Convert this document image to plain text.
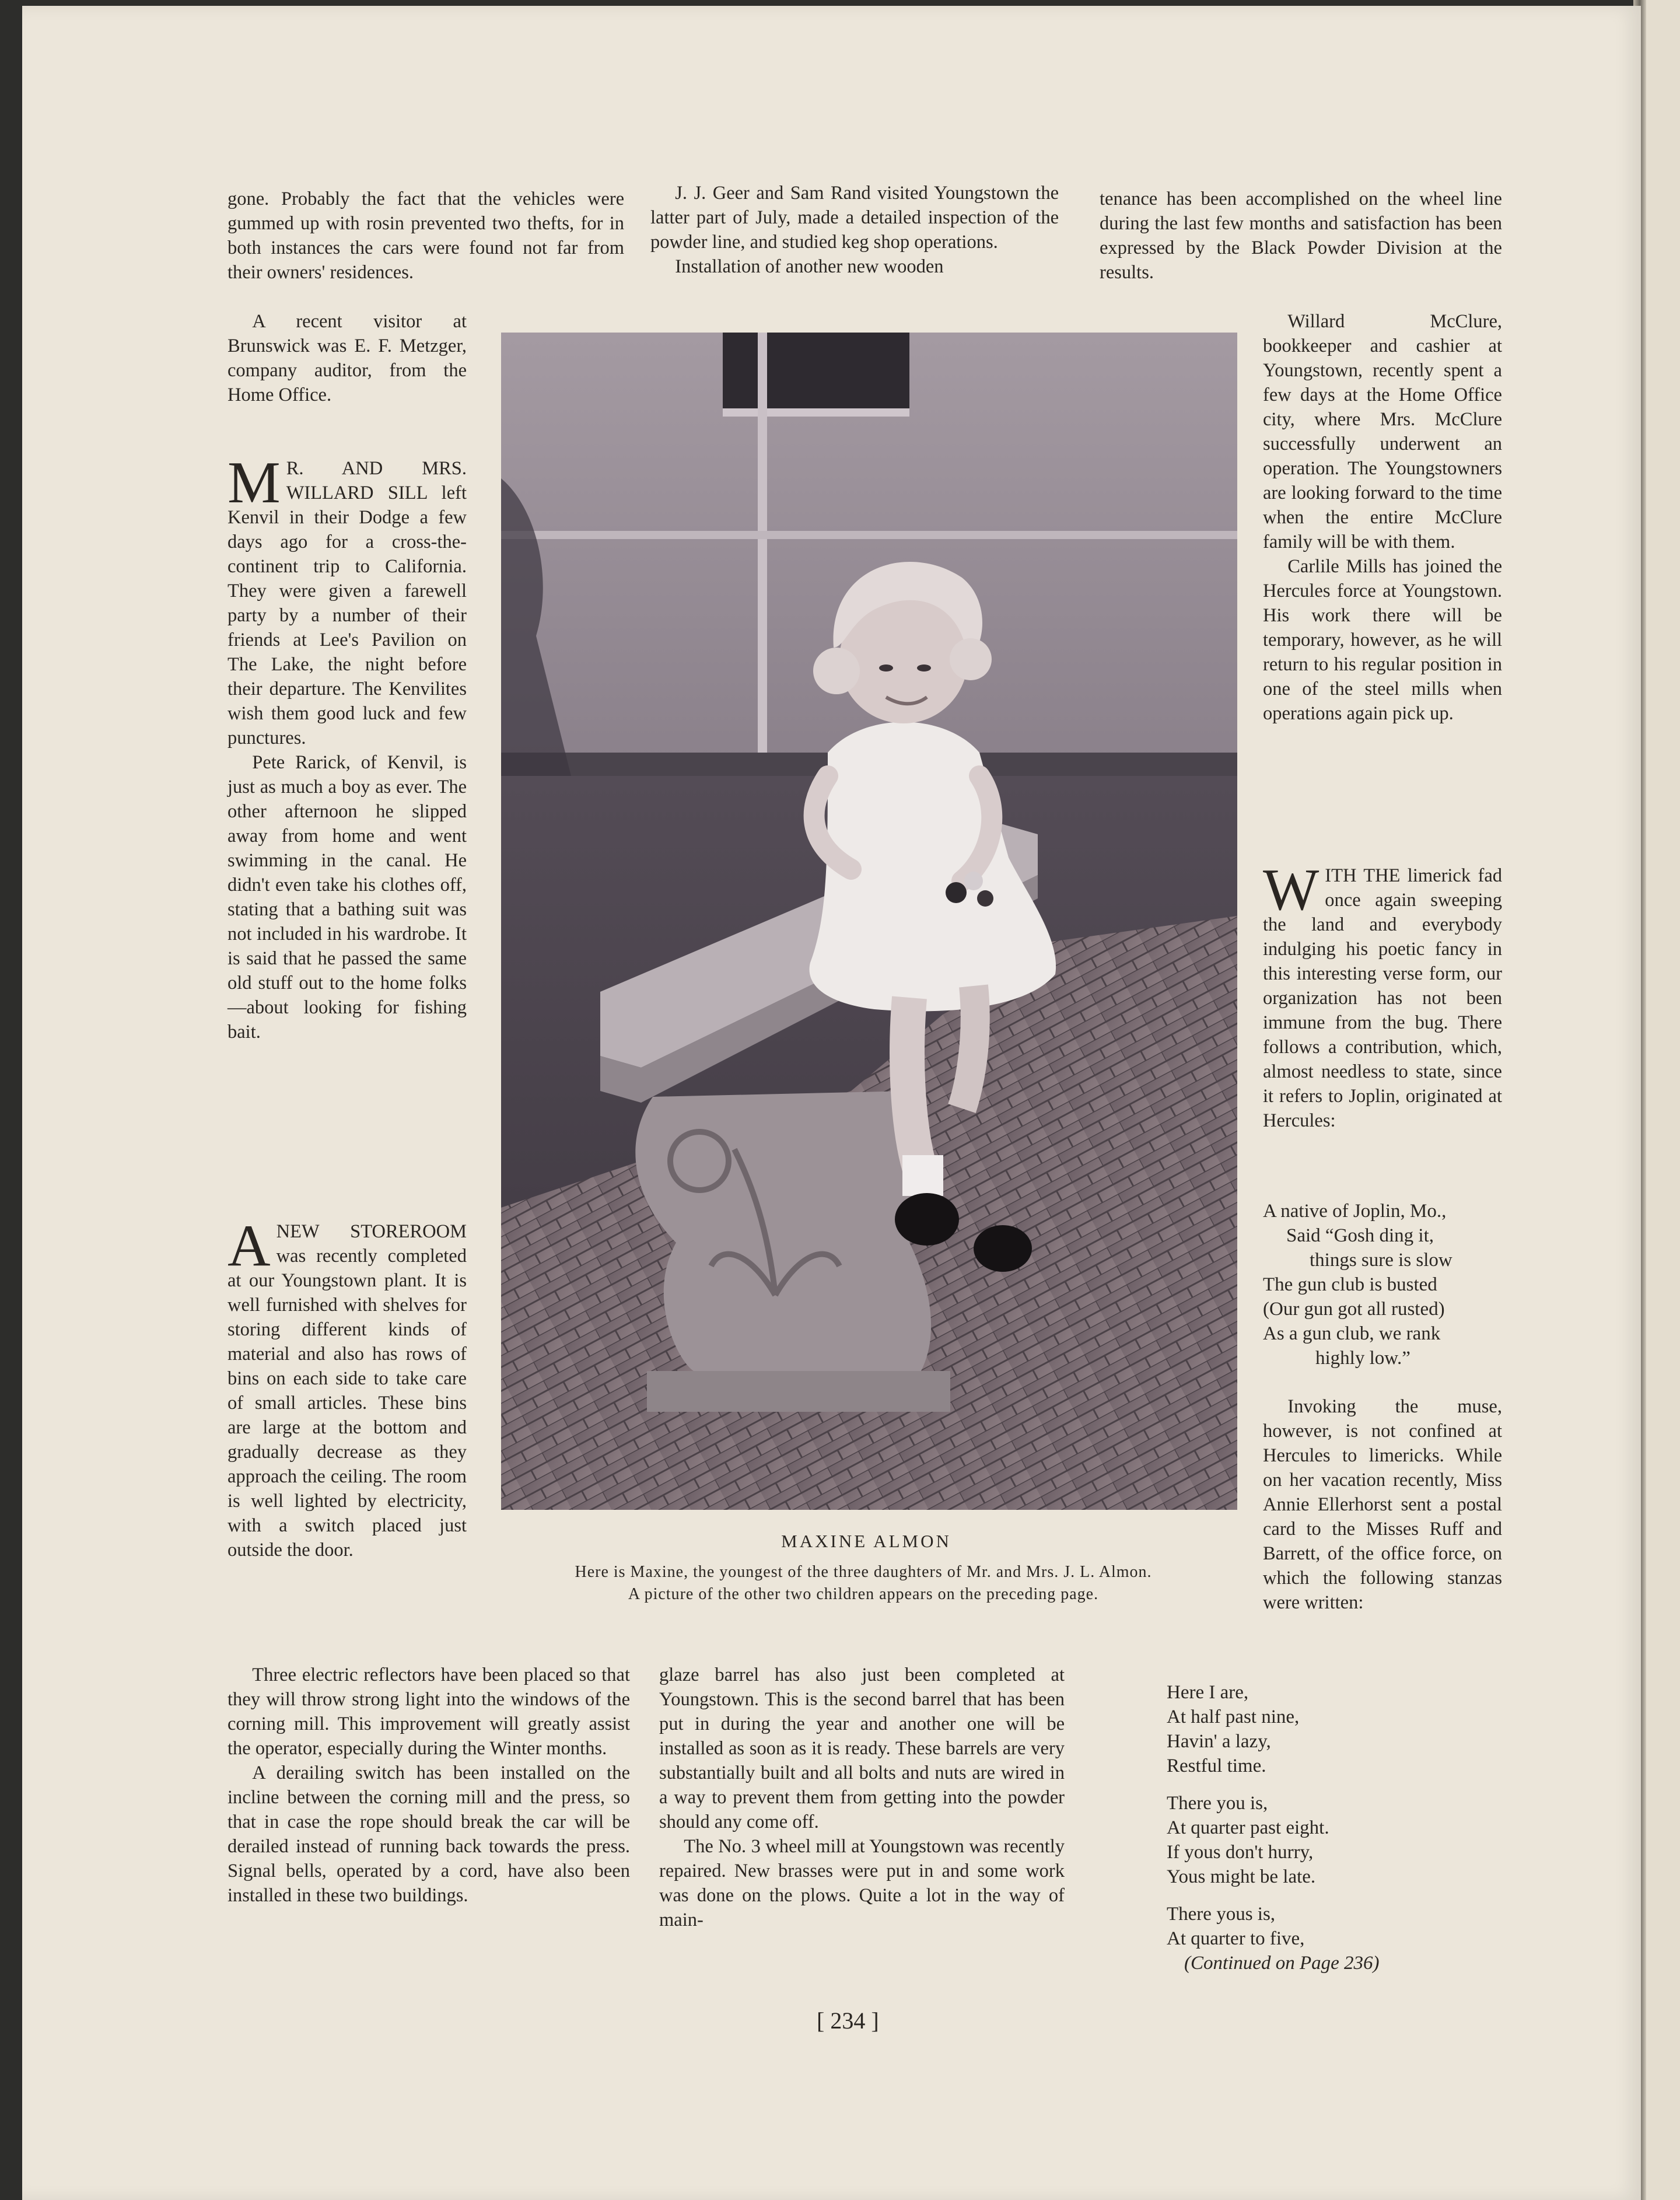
gone. Probably the fact that the vehicles were gummed up with rosin prevented two thefts, for in both instances the cars were found not far from their owners' residences.

A recent visitor at Brunswick was E. F. Metzger, company auditor, from the Home Office.

M R. AND MRS. WILLARD SILL left Kenvil in their Dodge a few days ago for a cross-the-continent trip to California. They were given a farewell party by a number of their friends at Lee's Pavilion on The Lake, the night before their departure. The Kenvilites wish them good luck and few punctures.

Pete Rarick, of Kenvil, is just as much a boy as ever. The other afternoon he slipped away from home and went swimming in the canal. He didn't even take his clothes off, stating that a bathing suit was not included in his wardrobe. It is said that he passed the same old stuff out to the home folks—about looking for fishing bait.

ANEW STOREROOM was recently completed at our Youngstown plant. It is well furnished with shelves for storing different kinds of material and also has rows of bins on each side to take care of small articles. These bins are large at the bottom and gradually decrease as they approach the ceiling. The room is well lighted by electricity, with a switch placed just outside the door.

Three electric reflectors have been placed so that they will throw strong light into the windows of the corning mill. This improvement will greatly assist the operator, especially during the Winter months.

A derailing switch has been installed on the incline between the corning mill and the press, so that in case the rope should break the car will be derailed instead of running back towards the press. Signal bells, operated by a cord, have also been installed in these two buildings.

J. J. Geer and Sam Rand visited Youngstown the latter part of July, made a detailed inspection of the powder line, and studied keg shop operations.

Installation of another new wooden

glaze barrel has also just been completed at Youngstown. This is the second barrel that has been put in during the year and another one will be installed as soon as it is ready. These barrels are very substantially built and all bolts and nuts are wired in a way to prevent them from getting into the powder should any come off.

The No. 3 wheel mill at Youngstown was recently repaired. New brasses were put in and some work was done on the plows. Quite a lot in the way of main-

tenance has been accomplished on the wheel line during the last few months and satisfaction has been expressed by the Black Powder Division at the results.

Willard McClure, bookkeeper and cashier at Youngstown, recently spent a few days at the Home Office city, where Mrs. McClure successfully underwent an operation. The Youngstowners are looking forward to the time when the entire McClure family will be with them.

Carlile Mills has joined the Hercules force at Youngstown. His work there will be temporary, however, as he will return to his regular position in one of the steel mills when operations again pick up.

WITH THE limerick fad once again sweeping the land and everybody indulging his poetic fancy in this interesting verse form, our organization has not been immune from the bug. There follows a contribution, which, almost needless to state, since it refers to Joplin, originated at Hercules:

A native of Joplin, Mo.,
Said “Gosh ding it,
things sure is slow
The gun club is busted
(Our gun got all rusted)
As a gun club, we rank
highly low.”

Invoking the muse, however, is not confined at Hercules to limericks. While on her vacation recently, Miss Annie Ellerhorst sent a postal card to the Misses Ruff and Barrett, of the office force, on which the following stanzas were written:

Here I are,
At half past nine,
Havin' a lazy,
Restful time.
There you is,
At quarter past eight.
If yous don't hurry,
Yous might be late.
There yous is,
At quarter to five,
(Continued on Page 236)
MAXINE ALMON
Here is Maxine, the youngest of the three daughters of Mr. and Mrs. J. L. Almon.
A picture of the other two children appears on the preceding page.
[ 234 ]
